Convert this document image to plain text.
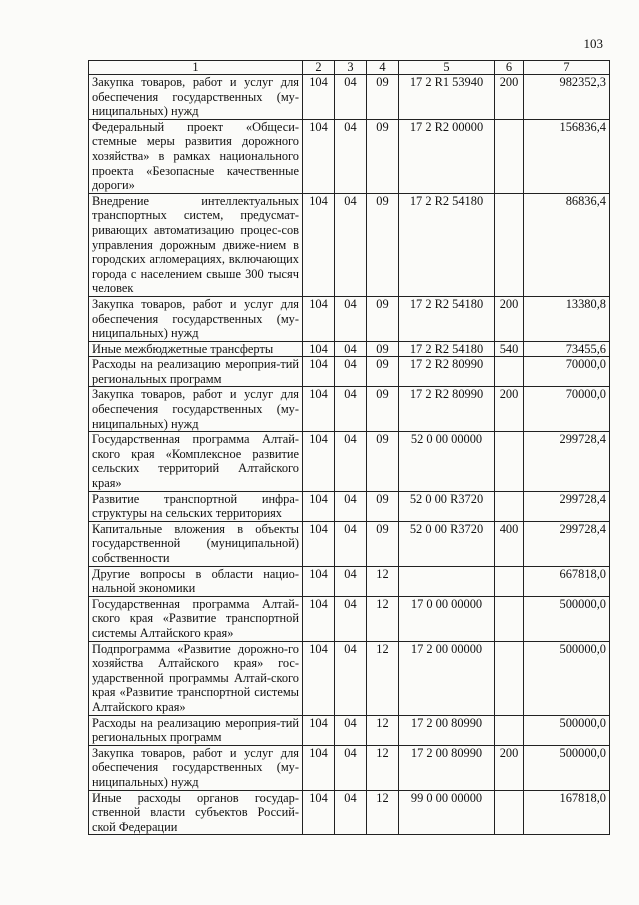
103
1	2	3	4	5	6	7
Закупка товаров, работ и услуг для обеспечения государственных (му-ниципальных) нужд	104	04	09	17 2 R1 53940	200	982352,3
Федеральный проект «Общеси-стемные меры развития дорожного хозяйства» в рамках национального проекта «Безопасные качественные дороги»	104	04	09	17 2 R2 00000		156836,4
Внедрение интеллектуальных транспортных систем, предусмат-ривающих автоматизацию процес-сов управления дорожным движе-нием в городских агломерациях, включающих города с населением свыше 300 тысяч человек	104	04	09	17 2 R2 54180		86836,4
Закупка товаров, работ и услуг для обеспечения государственных (му-ниципальных) нужд	104	04	09	17 2 R2 54180	200	13380,8
Иные межбюджетные трансферты	104	04	09	17 2 R2 54180	540	73455,6
Расходы на реализацию мероприя-тий региональных программ	104	04	09	17 2 R2 80990		70000,0
Закупка товаров, работ и услуг для обеспечения государственных (му-ниципальных) нужд	104	04	09	17 2 R2 80990	200	70000,0
Государственная программа Алтай-ского края «Комплексное развитие сельских территорий Алтайского края»	104	04	09	52 0 00 00000		299728,4
Развитие транспортной инфра-структуры на сельских территориях	104	04	09	52 0 00 R3720		299728,4
Капитальные вложения в объекты государственной (муниципальной) собственности	104	04	09	52 0 00 R3720	400	299728,4
Другие вопросы в области нацио-нальной экономики	104	04	12			667818,0
Государственная программа Алтай-ского края «Развитие транспортной системы Алтайского края»	104	04	12	17 0 00 00000		500000,0
Подпрограмма «Развитие дорожно-го хозяйства Алтайского края» гос-ударственной программы Алтай-ского края «Развитие транспортной системы Алтайского края»	104	04	12	17 2 00 00000		500000,0
Расходы на реализацию мероприя-тий региональных программ	104	04	12	17 2 00 80990		500000,0
Закупка товаров, работ и услуг для обеспечения государственных (му-ниципальных) нужд	104	04	12	17 2 00 80990	200	500000,0
Иные расходы органов государ-ственной власти субъектов Россий-ской Федерации	104	04	12	99 0 00 00000		167818,0
